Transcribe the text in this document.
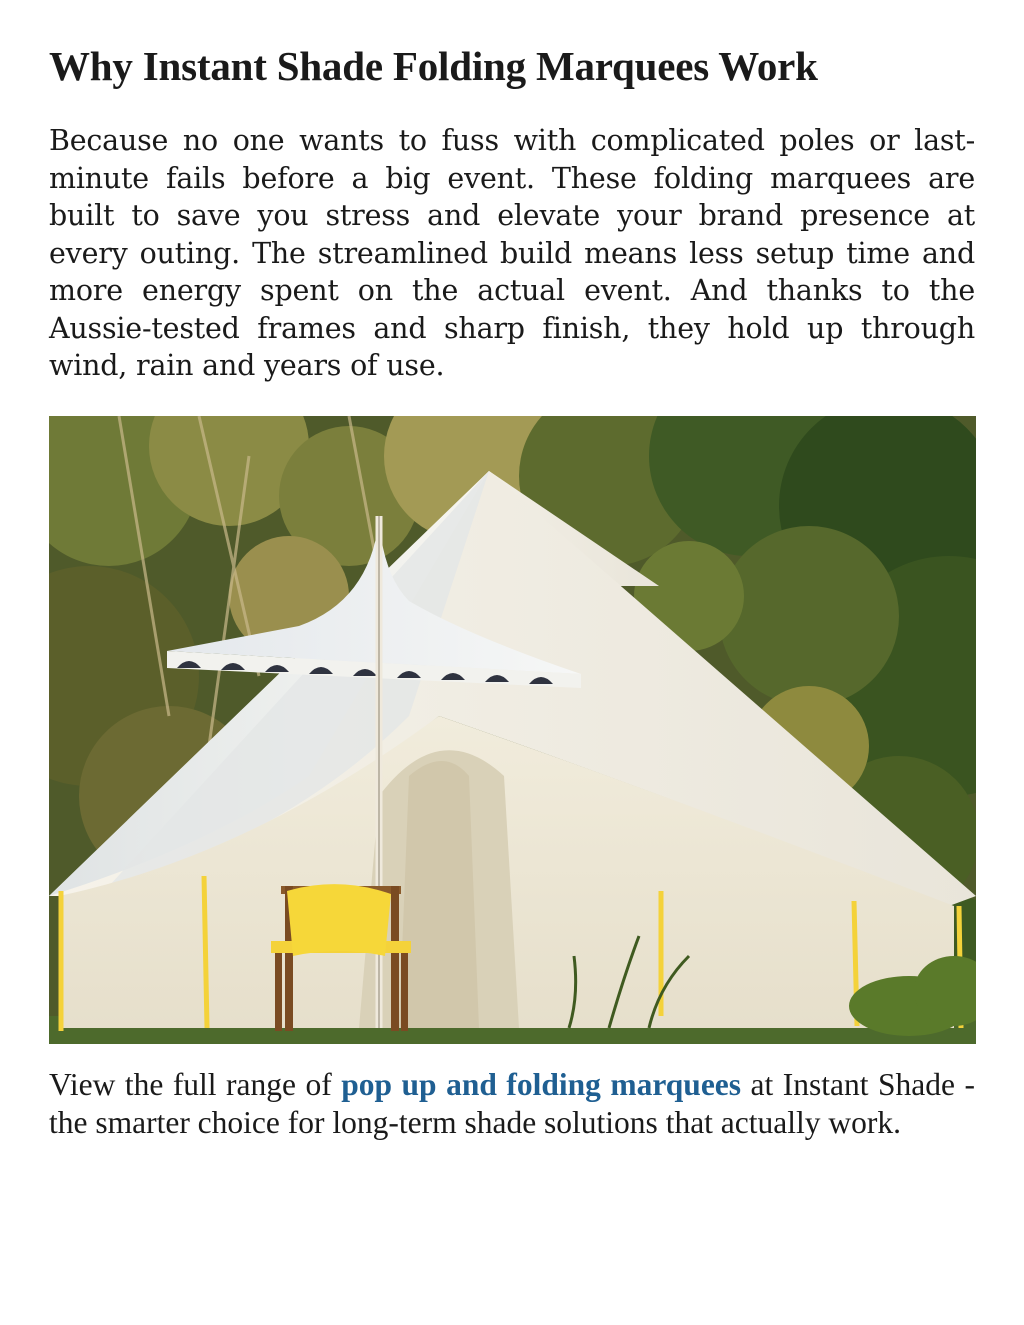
Why Instant Shade Folding Marquees Work

Because no one wants to fuss with complicated poles or last-minute fails before a big event. These folding marquees are built to save you stress and elevate your brand presence at every outing. The streamlined build means less setup time and more energy spent on the actual event. And thanks to the Aussie-tested frames and sharp finish, they hold up through wind, rain and years of use.

View the full range of pop up and folding marquees at Instant Shade - the smarter choice for long-term shade solutions that actually work.
